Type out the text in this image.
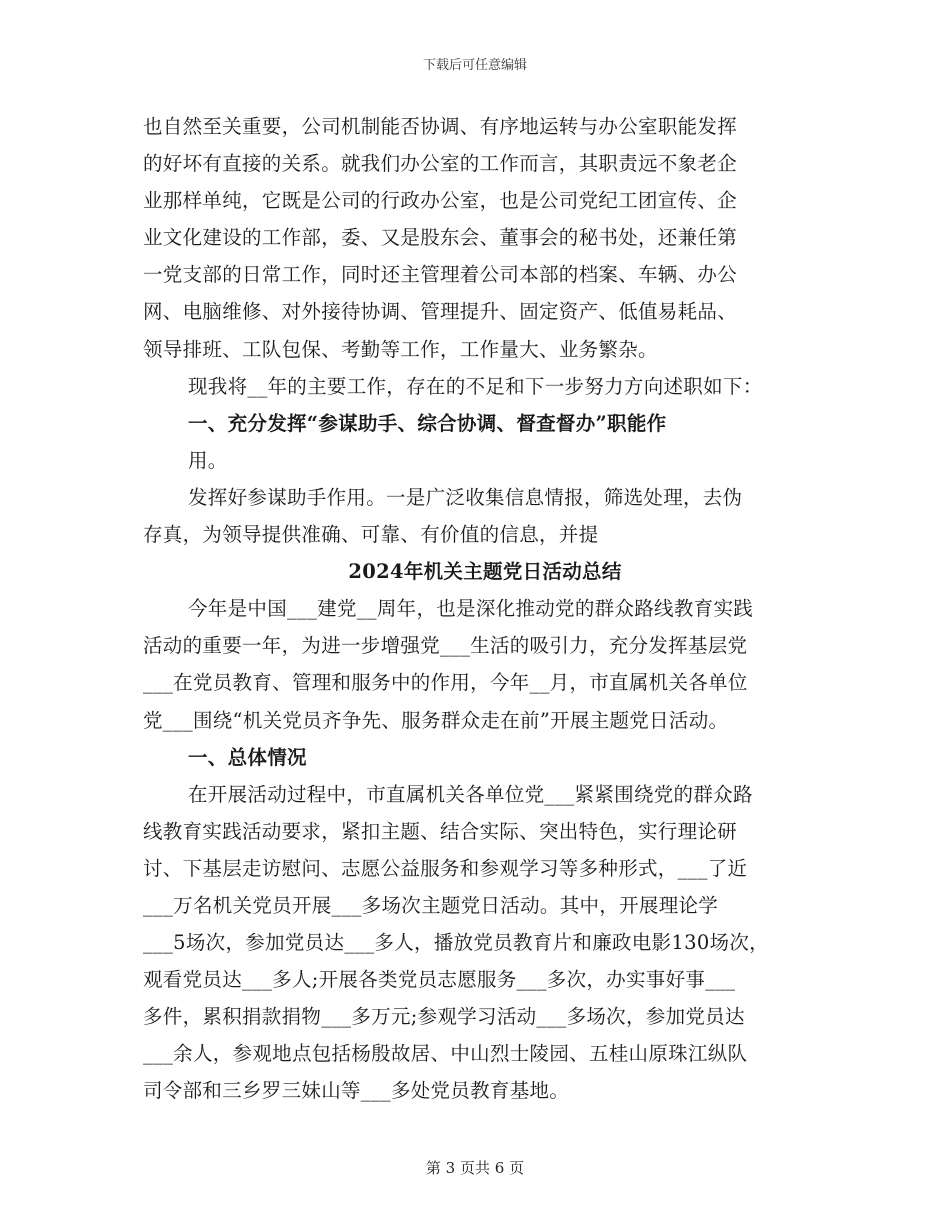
下载后可任意编辑
也自然至关重要，公司机制能否协调、有序地运转与办公室职能发挥
的好坏有直接的关系。就我们办公室的工作而言，其职责远不象老企
业那样单纯，它既是公司的行政办公室，也是公司党纪工团宣传、企
业文化建设的工作部，委、又是股东会、董事会的秘书处，还兼任第
一党支部的日常工作，同时还主管理着公司本部的档案、车辆、办公
网、电脑维修、对外接待协调、管理提升、固定资产、低值易耗品、
领导排班、工队包保、考勤等工作，工作量大、业务繁杂。
现我将__年的主要工作，存在的不足和下一步努力方向述职如下：
一、充分发挥“参谋助手、综合协调、督查督办”职能作
用。
发挥好参谋助手作用。一是广泛收集信息情报，筛选处理，去伪
存真，为领导提供准确、可靠、有价值的信息，并提
2024年机关主题党日活动总结
今年是中国___建党__周年，也是深化推动党的群众路线教育实践
活动的重要一年，为进一步增强党___生活的吸引力，充分发挥基层党
___在党员教育、管理和服务中的作用，今年__月，市直属机关各单位
党___围绕“机关党员齐争先、服务群众走在前”开展主题党日活动。
一、总体情况
在开展活动过程中，市直属机关各单位党___紧紧围绕党的群众路
线教育实践活动要求，紧扣主题、结合实际、突出特色，实行理论研
讨、下基层走访慰问、志愿公益服务和参观学习等多种形式，___了近
___万名机关党员开展___多场次主题党日活动。其中，开展理论学
___5场次，参加党员达___多人，播放党员教育片和廉政电影130场次，
观看党员达___多人;开展各类党员志愿服务___多次，办实事好事___
多件，累积捐款捐物___多万元;参观学习活动___多场次，参加党员达
___余人，参观地点包括杨殷故居、中山烈士陵园、五桂山原珠江纵队
司令部和三乡罗三妹山等___多处党员教育基地。
第 3 页共 6 页
